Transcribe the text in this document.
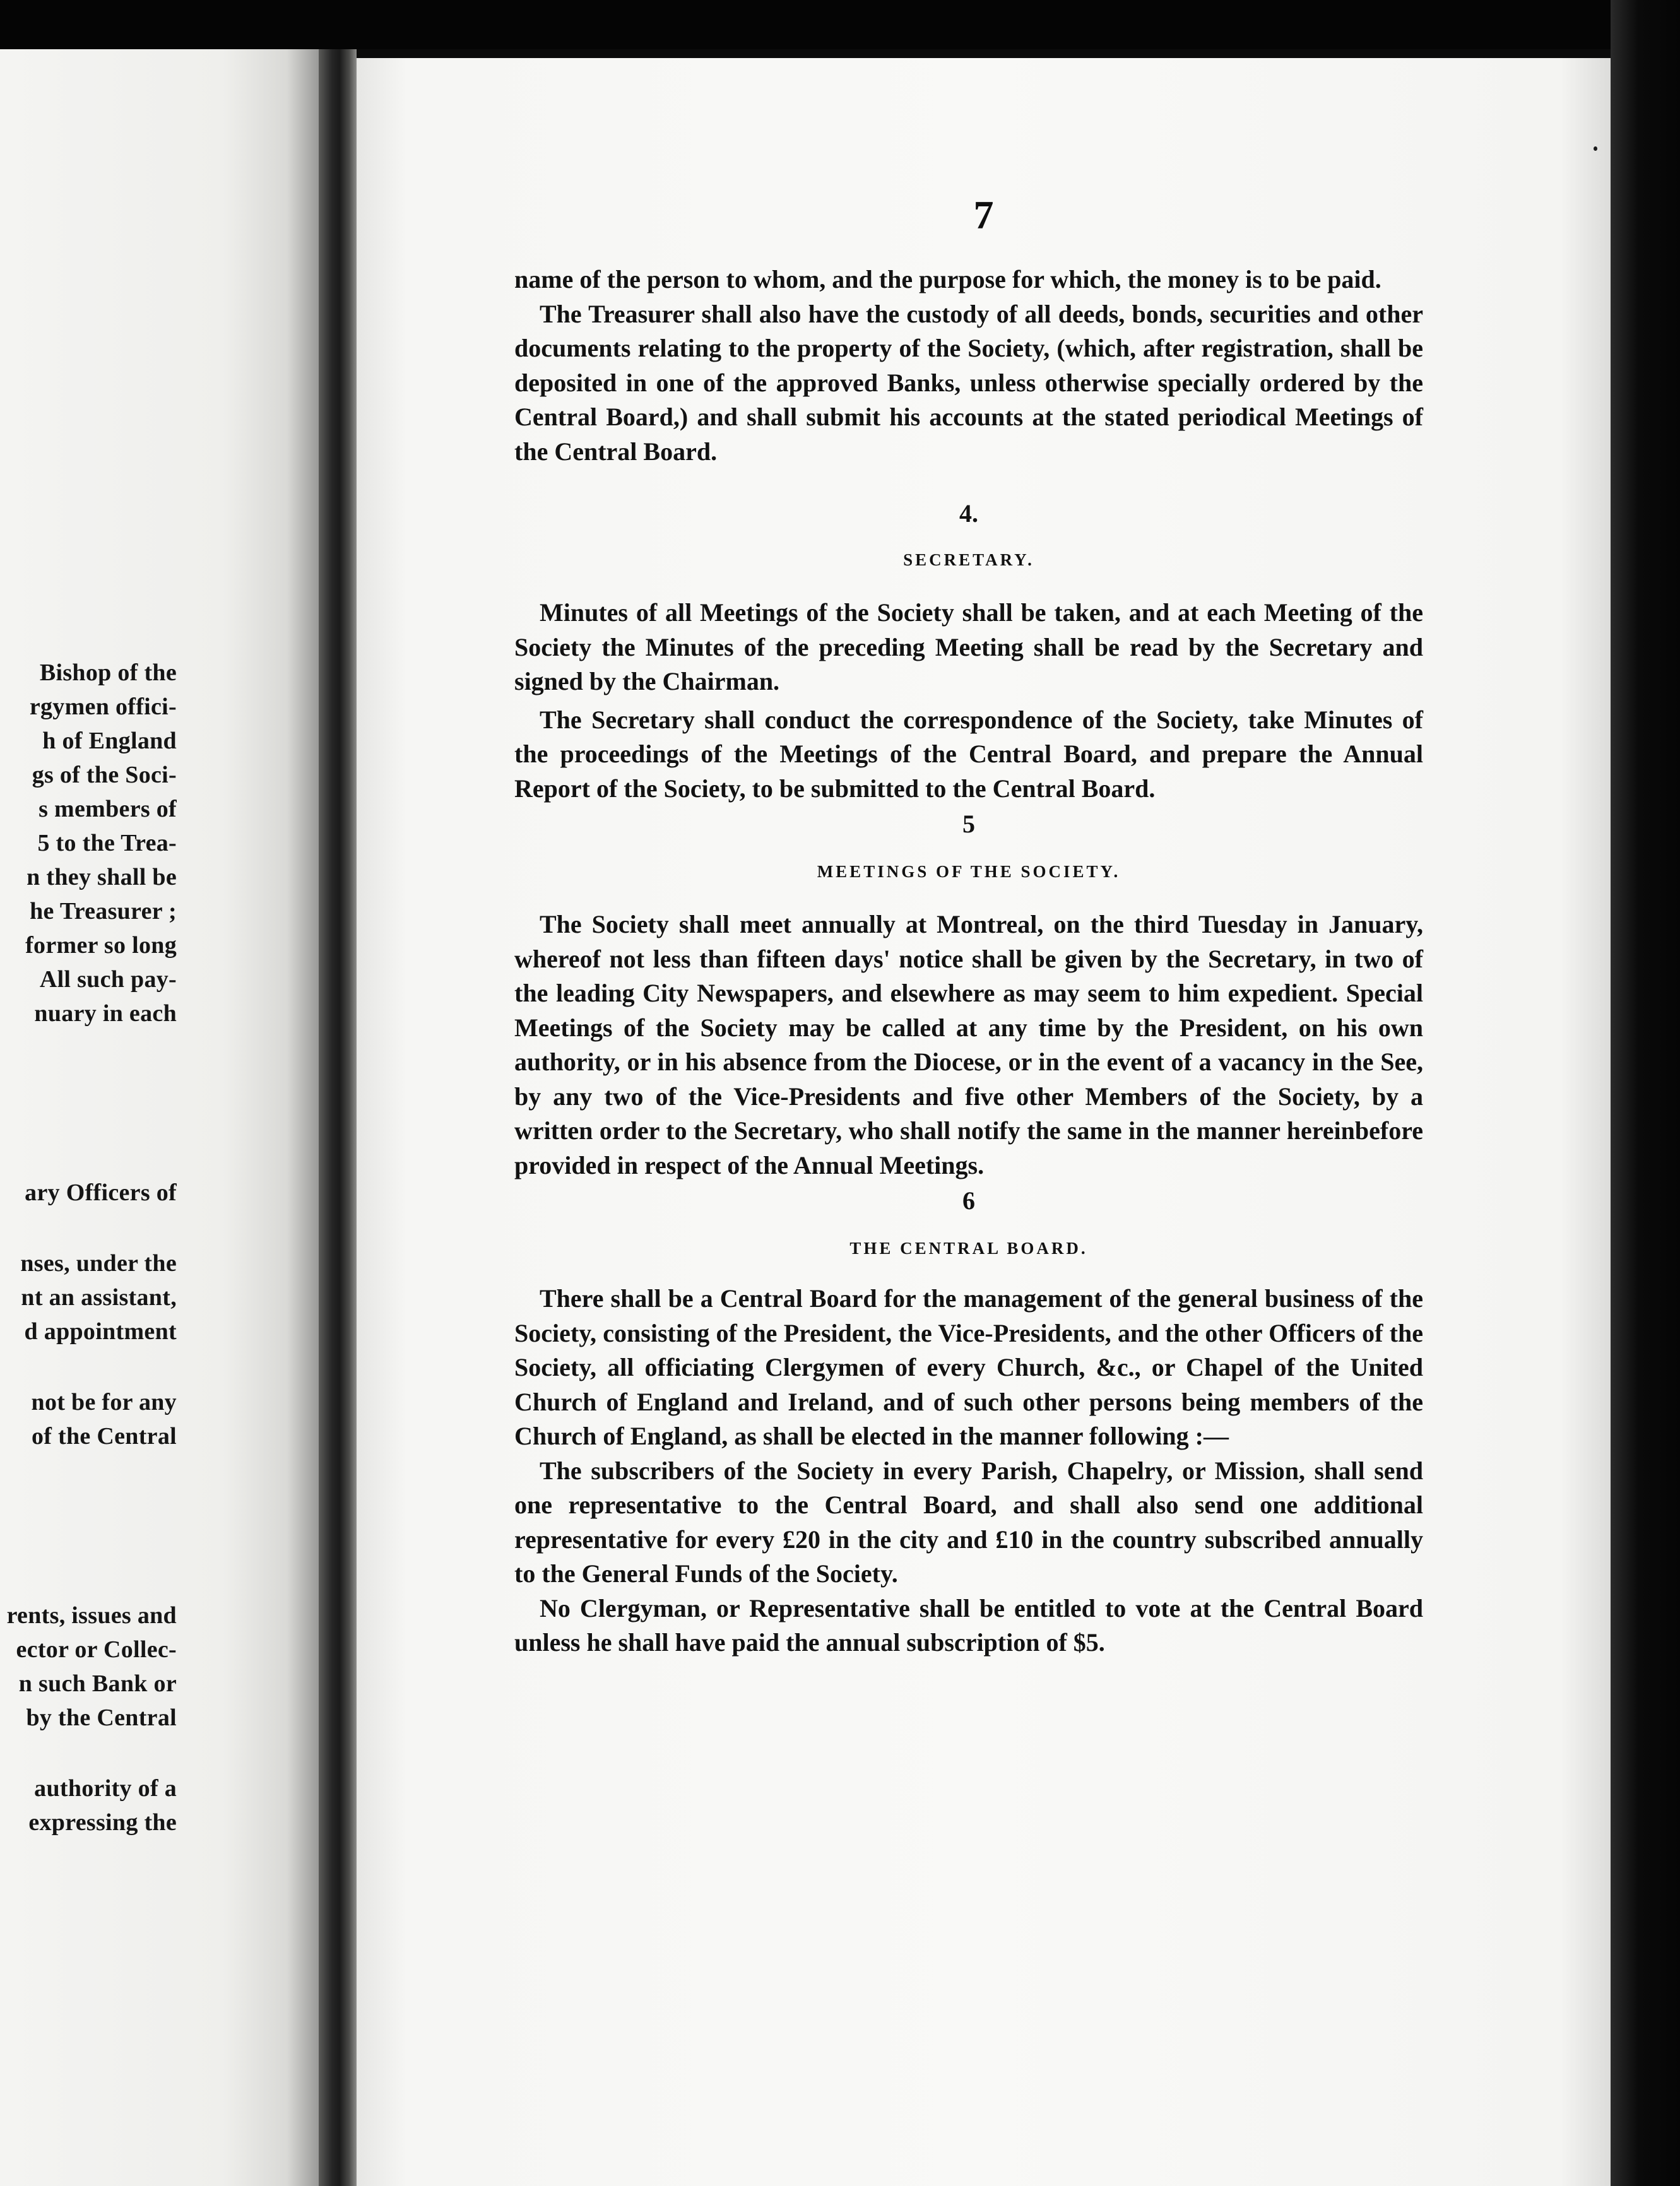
Bishop of the
rgymen offici-
h of England
gs of the Soci-
s members of
5 to the Trea-
n they shall be
he Treasurer ;
former so long
All such pay-
nuary in each
ary Officers of
nses, under the
nt an assistant,
d appointment
not be for any
of the Central
rents, issues and
ector or Collec-
n such Bank or
by the Central
authority of a
expressing the
7

name of the person to whom, and the purpose for which, the money is to be paid.

The Treasurer shall also have the custody of all deeds, bonds, securities and other documents relating to the property of the Society, (which, after registration, shall be deposited in one of the approved Banks, unless otherwise specially ordered by the Central Board,) and shall submit his accounts at the stated periodical Meetings of the Central Board.

4.
SECRETARY.

Minutes of all Meetings of the Society shall be taken, and at each Meeting of the Society the Minutes of the preceding Meeting shall be read by the Secretary and signed by the Chairman.

The Secretary shall conduct the correspondence of the Society, take Minutes of the proceedings of the Meetings of the Central Board, and prepare the Annual Report of the Society, to be submitted to the Central Board.

5
MEETINGS OF THE SOCIETY.

The Society shall meet annually at Montreal, on the third Tuesday in January, whereof not less than fifteen days' notice shall be given by the Secretary, in two of the leading City Newspapers, and elsewhere as may seem to him expedient. Special Meetings of the Society may be called at any time by the President, on his own authority, or in his absence from the Diocese, or in the event of a vacancy in the See, by any two of the Vice-Presidents and five other Members of the Society, by a written order to the Secretary, who shall notify the same in the manner hereinbefore provided in respect of the Annual Meetings.

6
THE CENTRAL BOARD.

There shall be a Central Board for the management of the general business of the Society, consisting of the President, the Vice-Presidents, and the other Officers of the Society, all officiating Clergymen of every Church, &c., or Chapel of the United Church of England and Ireland, and of such other persons being members of the Church of England, as shall be elected in the manner following :—

The subscribers of the Society in every Parish, Chapelry, or Mission, shall send one representative to the Central Board, and shall also send one additional representative for every £20 in the city and £10 in the country subscribed annually to the General Funds of the Society.

No Clergyman, or Representative shall be entitled to vote at the Central Board unless he shall have paid the annual subscription of $5.
